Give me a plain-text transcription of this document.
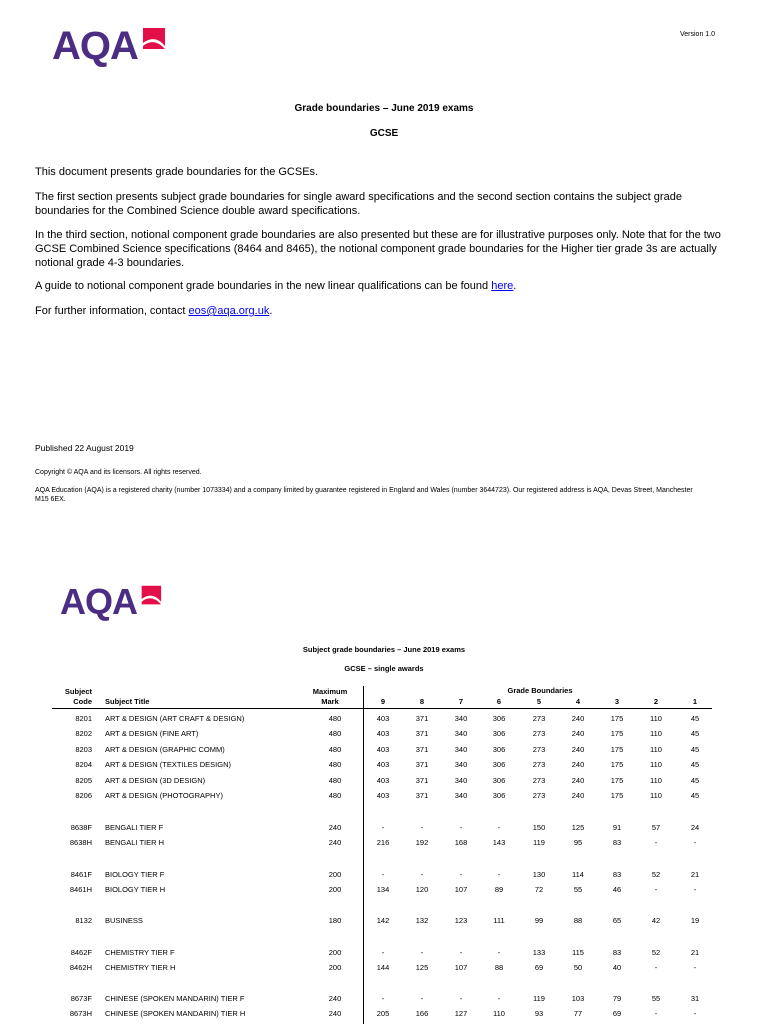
AQA	Version 1.0
Grade boundaries – June 2019 exams
GCSE
This document presents grade boundaries for the GCSEs.
The first section presents subject grade boundaries for single award specifications and the second section contains the subject grade boundaries for the Combined Science double award specifications.
In the third section, notional component grade boundaries are also presented but these are for illustrative purposes only. Note that for the two GCSE Combined Science specifications (8464 and 8465), the notional component grade boundaries for the Higher tier grade 3s are actually notional grade 4-3 boundaries.
A guide to notional component grade boundaries in the new linear qualifications can be found here.
For further information, contact eos@aqa.org.uk.
Published 22 August 2019
Copyright © AQA and its licensors. All rights reserved.
AQA Education (AQA) is a registered charity (number 1073334) and a company limited by guarantee registered in England and Wales (number 3644723). Our registered address is AQA, Devas Street, Manchester M15 6EX.
AQA
Subject grade boundaries – June 2019 exams
GCSE – single awards
Subject
Code Subject Title
Maximum
Mark
Grade Boundaries
9	8	7	6	5	4	3	2	1
8201 ART & DESIGN (ART CRAFT & DESIGN)	480	403	371	340	306	273	240	175	110	45
8202 ART & DESIGN (FINE ART)	480	403	371	340	306	273	240	175	110	45
8203 ART & DESIGN (GRAPHIC COMM)	480	403	371	340	306	273	240	175	110	45
8204 ART & DESIGN (TEXTILES DESIGN)	480	403	371	340	306	273	240	175	110	45
8205 ART & DESIGN (3D DESIGN)	480	403	371	340	306	273	240	175	110	45
8206 ART & DESIGN (PHOTOGRAPHY)	480	403	371	340	306	273	240	175	110	45
8638F BENGALI TIER F	240	-	-	-	-	150	125	91	57	24
8638H BENGALI TIER H	240	216	192	168	143	119	95	83	-	-
8461F BIOLOGY TIER F	200	-	-	-	-	130	114	83	52	21
8461H BIOLOGY TIER H	200	134	120	107	89	72	55	46	-	-
8132 BUSINESS	180	142	132	123	111	99	88	65	42	19
8462F CHEMISTRY TIER F	200	-	-	-	-	133	115	83	52	21
8462H CHEMISTRY TIER H	200	144	125	107	88	69	50	40	-	-
8673F CHINESE (SPOKEN MANDARIN) TIER F	240	-	-	-	-	119	103	79	55	31
8673H CHINESE (SPOKEN MANDARIN) TIER H	240	205	166	127	110	93	77	69	-	-
